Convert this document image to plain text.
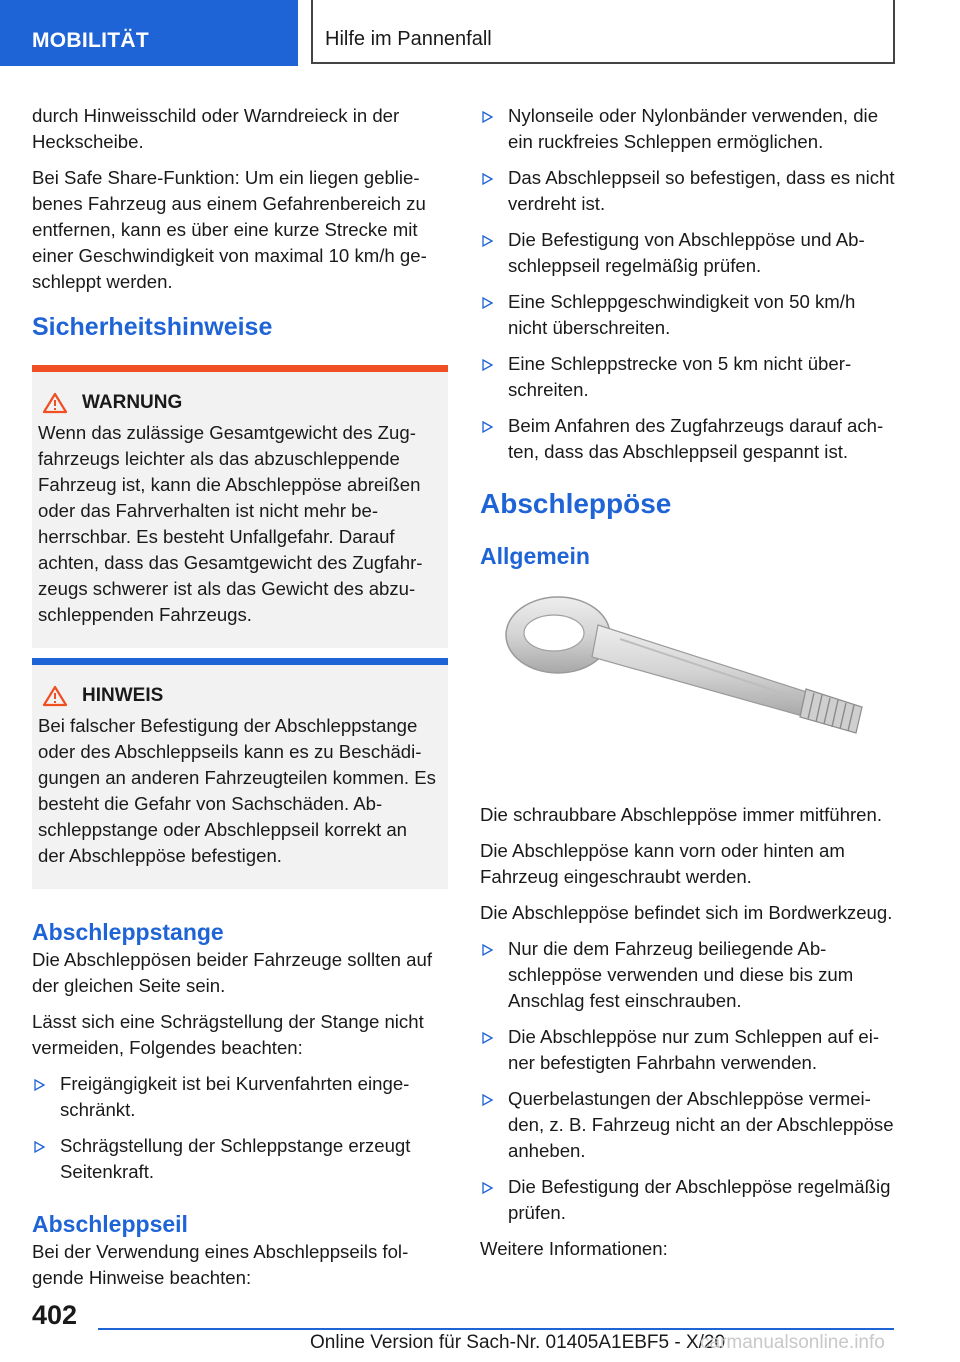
MOBILITÄT	Hilfe im Pannenfall

durch Hinweisschild oder Warndreieck in der Heckscheibe.

Bei Safe Share-Funktion: Um ein liegen gebliebenes Fahrzeug aus einem Gefahrenbereich zu entfernen, kann es über eine kurze Strecke mit einer Geschwindigkeit von maximal 10 km/h geschleppt werden.

Sicherheitshinweise
WARNUNG
Wenn das zulässige Gesamtgewicht des Zugfahrzeugs leichter als das abzuschleppende Fahrzeug ist, kann die Abschleppöse abreißen oder das Fahrverhalten ist nicht mehr beherrschbar. Es besteht Unfallgefahr. Darauf achten, dass das Gesamtgewicht des Zugfahrzeugs schwerer ist als das Gewicht des abzuschleppenden Fahrzeugs.
HINWEIS
Bei falscher Befestigung der Abschleppstange oder des Abschleppseils kann es zu Beschädigungen an anderen Fahrzeugteilen kommen. Es besteht die Gefahr von Sachschäden. Abschleppstange oder Abschleppseil korrekt an der Abschleppöse befestigen.
Abschleppstange

Die Abschleppösen beider Fahrzeuge sollten auf der gleichen Seite sein.

Lässt sich eine Schrägstellung der Stange nicht vermeiden, Folgendes beachten:

Freigängigkeit ist bei Kurvenfahrten eingeschränkt.
Schrägstellung der Schleppstange erzeugt Seitenkraft.
Abschleppseil

Bei der Verwendung eines Abschleppseils folgende Hinweise beachten:

Nylonseile oder Nylonbänder verwenden, die ein ruckfreies Schleppen ermöglichen.
Das Abschleppseil so befestigen, dass es nicht verdreht ist.
Die Befestigung von Abschleppöse und Abschleppseil regelmäßig prüfen.
Eine Schleppgeschwindigkeit von 50 km/h nicht überschreiten.
Eine Schleppstrecke von 5 km nicht überschreiten.
Beim Anfahren des Zugfahrzeugs darauf achten, dass das Abschleppseil gespannt ist.
Abschleppöse
Allgemein

Die schraubbare Abschleppöse immer mitführen.

Die Abschleppöse kann vorn oder hinten am Fahrzeug eingeschraubt werden.

Die Abschleppöse befindet sich im Bordwerkzeug.

Nur die dem Fahrzeug beiliegende Abschleppöse verwenden und diese bis zum Anschlag fest einschrauben.
Die Abschleppöse nur zum Schleppen auf einer befestigten Fahrbahn verwenden.
Querbelastungen der Abschleppöse vermeiden, z. B. Fahrzeug nicht an der Abschleppöse anheben.
Die Befestigung der Abschleppöse regelmäßig prüfen.

Weitere Informationen:

402
Online Version für Sach-Nr. 01405A1EBF5 - X/20
carmanualsonline.info
